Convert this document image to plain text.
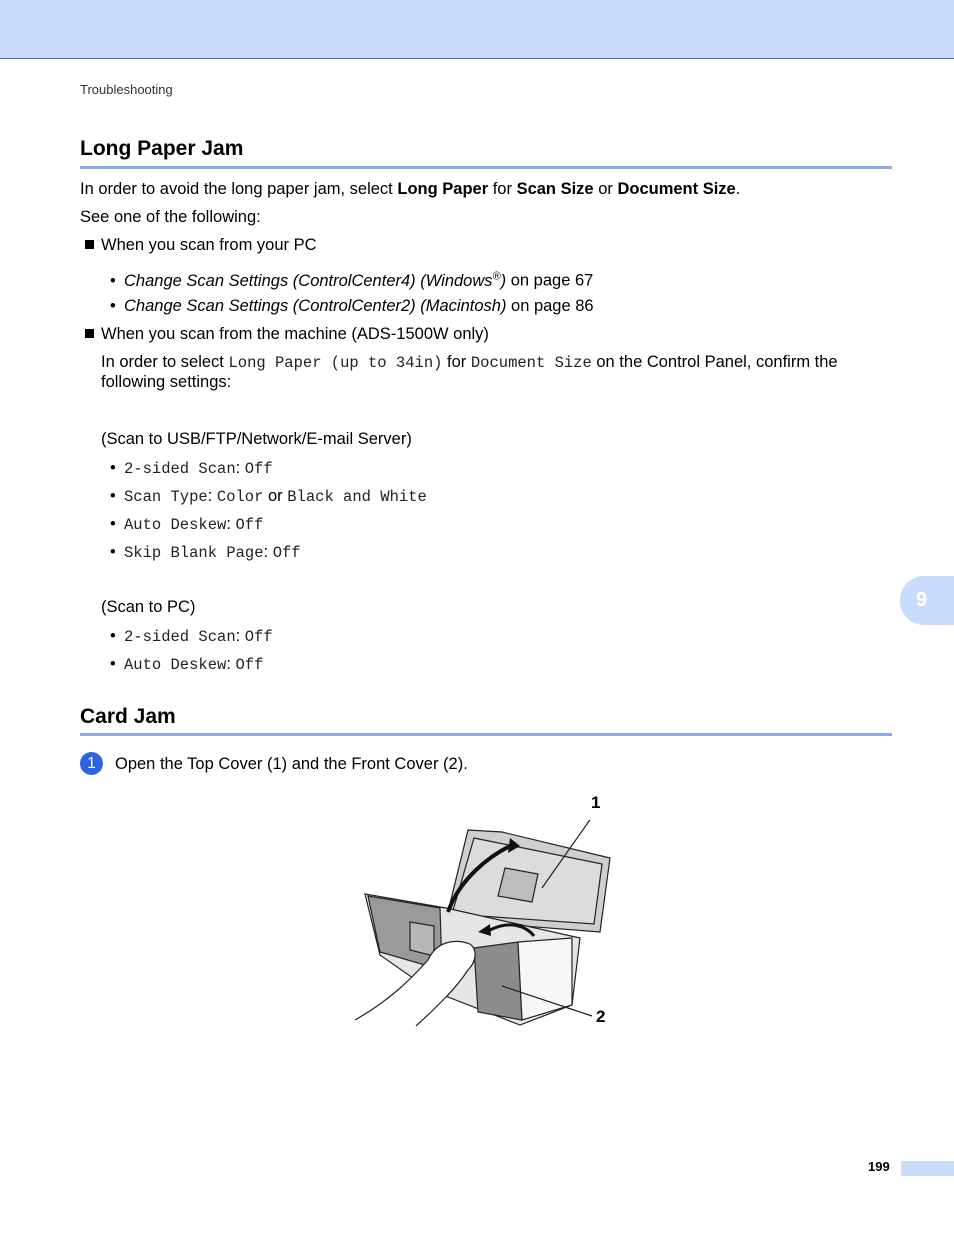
Troubleshooting
Long Paper Jam
In order to avoid the long paper jam, select Long Paper for Scan Size or Document Size.
See one of the following:
When you scan from your PC
• Change Scan Settings (ControlCenter4) (Windows®) on page 67
• Change Scan Settings (ControlCenter2) (Macintosh) on page 86
When you scan from the machine (ADS-1500W only)
In order to select Long Paper (up to 34in) for Document Size on the Control Panel, confirm the
following settings:
(Scan to USB/FTP/Network/E-mail Server)
• 2-sided Scan: Off
• Scan Type: Color or Black and White
• Auto Deskew: Off
• Skip Blank Page: Off
(Scan to PC)
• 2-sided Scan: Off
• Auto Deskew: Off
9
Card Jam
1	Open the Top Cover (1) and the Front Cover (2).
1
2
199
